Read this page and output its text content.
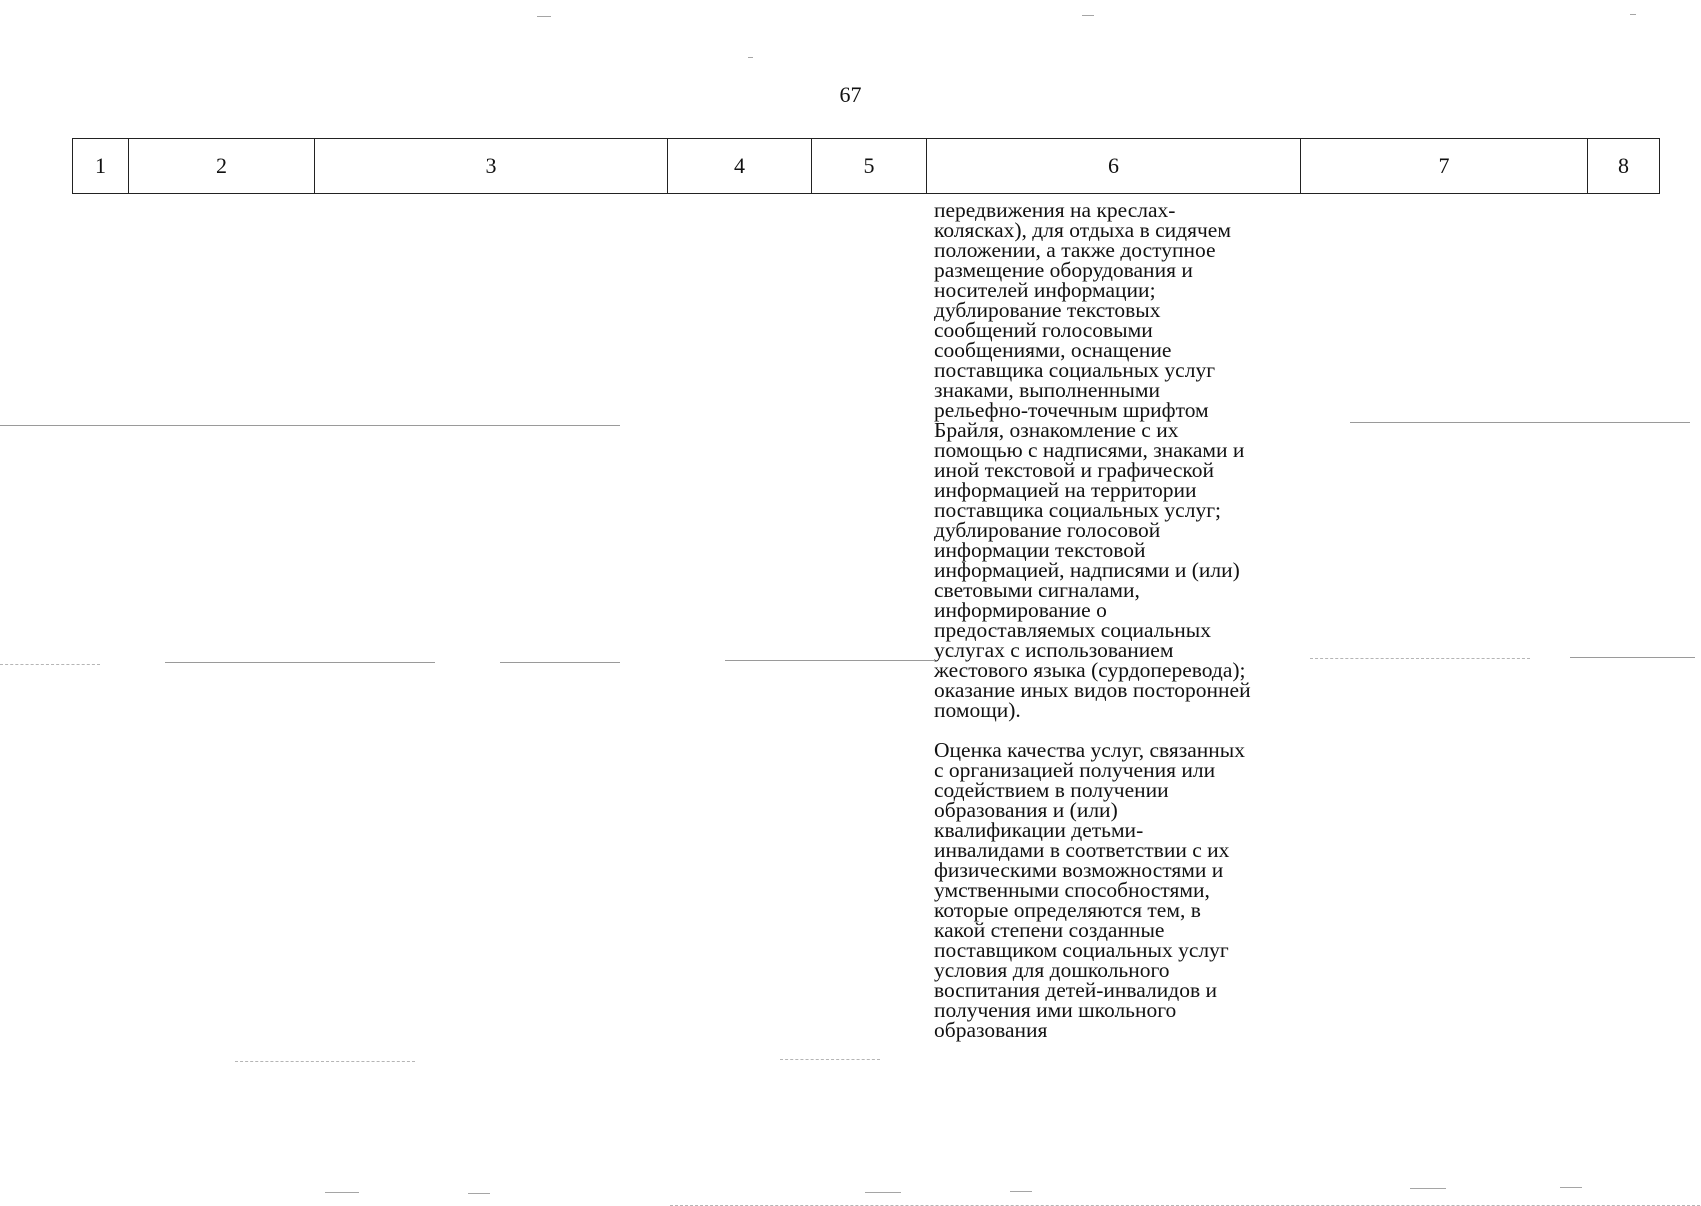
67
1	2	3	4	5	6	7	8

передвижения на креслах-
колясках), для отдыха в сидячем
положении, а также доступное
размещение оборудования и
носителей информации;
дублирование текстовых
сообщений голосовыми
сообщениями, оснащение
поставщика социальных услуг
знаками, выполненными
рельефно-точечным шрифтом
Брайля, ознакомление с их
помощью с надписями, знаками и
иной текстовой и графической
информацией на территории
поставщика социальных услуг;
дублирование голосовой
информации текстовой
информацией, надписями и (или)
световыми сигналами,
информирование о
предоставляемых социальных
услугах с использованием
жестового языка (сурдоперевода);
оказание иных видов посторонней
помощи).

Оценка качества услуг, связанных
с организацией получения или
содействием в получении
образования и (или)
квалификации детьми-
инвалидами в соответствии с их
физическими возможностями и
умственными способностями,
которые определяются тем, в
какой степени созданные
поставщиком социальных услуг
условия для дошкольного
воспитания детей-инвалидов и
получения ими школьного
образования
